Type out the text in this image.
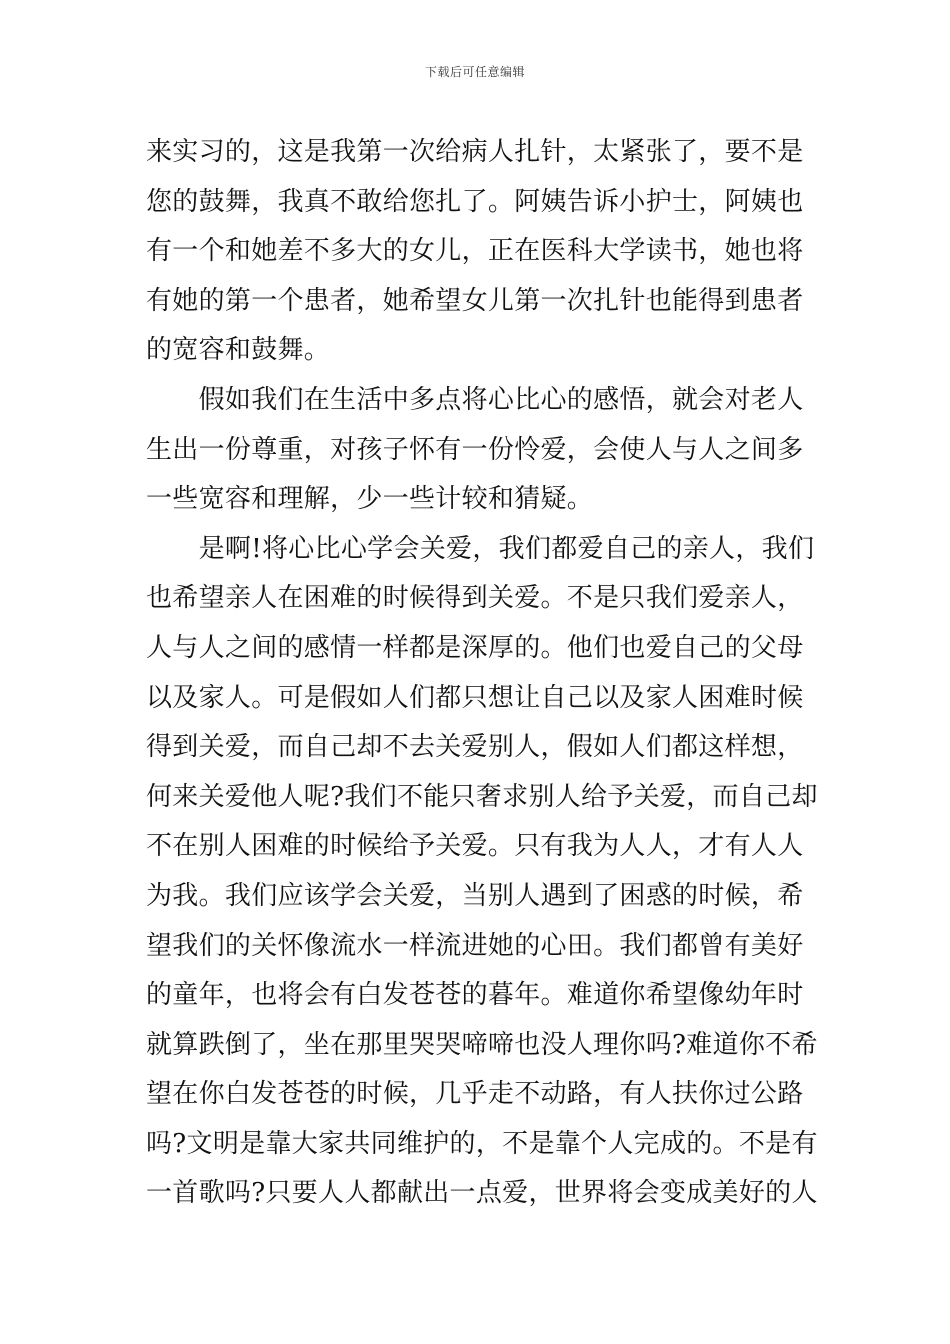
下载后可任意编辑
来实习的，这是我第一次给病人扎针，太紧张了，要不是
您的鼓舞，我真不敢给您扎了。阿姨告诉小护士，阿姨也
有一个和她差不多大的女儿，正在医科大学读书，她也将
有她的第一个患者，她希望女儿第一次扎针也能得到患者
的宽容和鼓舞。
　　假如我们在生活中多点将心比心的感悟，就会对老人
生出一份尊重，对孩子怀有一份怜爱，会使人与人之间多
一些宽容和理解，少一些计较和猜疑。
　　是啊!将心比心学会关爱，我们都爱自己的亲人，我们
也希望亲人在困难的时候得到关爱。不是只我们爱亲人，
人与人之间的感情一样都是深厚的。他们也爱自己的父母
以及家人。可是假如人们都只想让自己以及家人困难时候
得到关爱，而自己却不去关爱别人，假如人们都这样想，
何来关爱他人呢?我们不能只奢求别人给予关爱，而自己却
不在别人困难的时候给予关爱。只有我为人人，才有人人
为我。我们应该学会关爱，当别人遇到了困惑的时候，希
望我们的关怀像流水一样流进她的心田。我们都曾有美好
的童年，也将会有白发苍苍的暮年。难道你希望像幼年时
就算跌倒了，坐在那里哭哭啼啼也没人理你吗?难道你不希
望在你白发苍苍的时候，几乎走不动路，有人扶你过公路
吗?文明是靠大家共同维护的，不是靠个人完成的。不是有
一首歌吗?只要人人都献出一点爱，世界将会变成美好的人
